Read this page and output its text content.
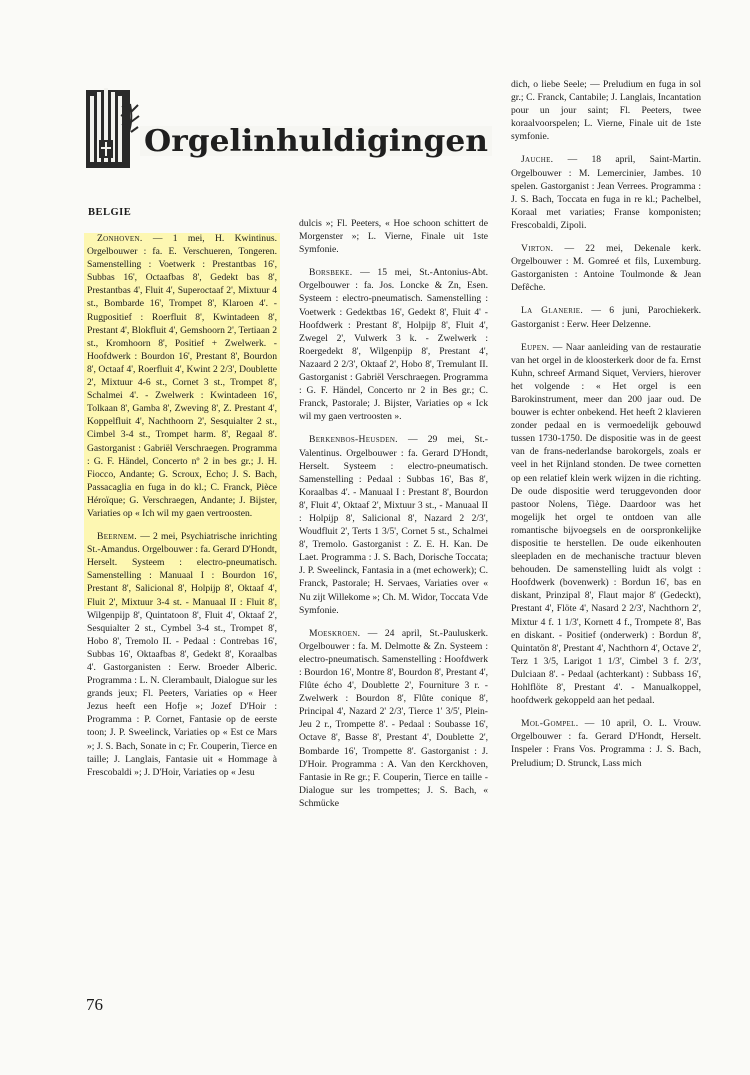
Orgelinhuldigingen
BELGIE

Zonhoven. — 1 mei, H. Kwintinus. Orgelbouwer : fa. E. Verschueren, Tongeren. Samenstelling : Voetwerk : Prestantbas 16', Subbas 16', Octaafbas 8', Gedekt bas 8', Prestantbas 4', Fluit 4', Superoctaaf 2', Mixtuur 4 st., Bombarde 16', Trompet 8', Klaroen 4'. - Rugpositief : Roerfluit 8', Kwintadeen 8', Prestant 4', Blokfluit 4', Gemshoorn 2', Tertiaan 2 st., Kromhoorn 8', Positief + Zwelwerk. - Hoofdwerk : Bourdon 16', Prestant 8', Bourdon 8', Octaaf 4', Roerfluit 4', Kwint 2 2/3', Doublette 2', Mixtuur 4-6 st., Cornet 3 st., Trompet 8', Schalmei 4'. - Zwelwerk : Kwintadeen 16', Tolkaan 8', Gamba 8', Zweving 8', Z. Prestant 4', Koppelfluit 4', Nachthoorn 2', Sesquialter 2 st., Cimbel 3-4 st., Trompet harm. 8', Regaal 8'. Gastorganist : Gabriël Verschraegen. Programma : G. F. Händel, Concerto nº 2 in bes gr.; J. H. Fiocco, Andante; G. Scroux, Echo; J. S. Bach, Passacaglia en fuga in do kl.; C. Franck, Pièce Héroïque; G. Verschraegen, Andante; J. Bijster, Variaties op « Ich wil my gaen vertroosten.

Beernem. — 2 mei, Psychiatrische inrichting St.-Amandus. Orgelbouwer : fa. Gerard D'Hondt, Herselt. Systeem : electro-pneumatisch. Samenstelling : Manuaal I : Bourdon 16', Prestant 8', Salicional 8', Holpijp 8', Oktaaf 4', Fluit 2', Mixtuur 3-4 st. - Manuaal II : Fluit 8', Wilgenpijp 8', Quintatoon 8', Fluit 4', Oktaaf 2', Sesquialter 2 st., Cymbel 3-4 st., Trompet 8', Hobo 8', Tremolo II. - Pedaal : Contrebas 16', Subbas 16', Oktaafbas 8', Gedekt 8', Koraalbas 4'. Gastorganisten : Eerw. Broeder Alberic. Programma : L. N. Clerambault, Dialogue sur les grands jeux; Fl. Peeters, Variaties op « Heer Jezus heeft een Hofje »; Jozef D'Hoir : Programma : P. Cornet, Fantasie op de eerste toon; J. P. Sweelinck, Variaties op « Est ce Mars »; J. S. Bach, Sonate in c; Fr. Couperin, Tierce en taille; J. Langlais, Fantasie uit « Hommage à Frescobaldi »; J. D'Hoir, Variaties op « Jesu

dulcis »; Fl. Peeters, « Hoe schoon schittert de Morgenster »; L. Vierne, Finale uit 1ste Symfonie.

Borsbeke. — 15 mei, St.-Antonius-Abt. Orgelbouwer : fa. Jos. Loncke & Zn, Esen. Systeem : electro-pneumatisch. Samenstelling : Voetwerk : Gedektbas 16', Gedekt 8', Fluit 4' - Hoofdwerk : Prestant 8', Holpijp 8', Fluit 4', Zwegel 2', Vulwerk 3 k. - Zwelwerk : Roergedekt 8', Wilgenpijp 8', Prestant 4', Nazaard 2 2/3', Oktaaf 2', Hobo 8', Tremulant II. Gastorganist : Gabriël Verschraegen. Programma : G. F. Händel, Concerto nr 2 in Bes gr.; C. Franck, Pastorale; J. Bijster, Variaties op « Ick wil my gaen vertroosten ».

Berkenbos-Heusden. — 29 mei, St.-Valentinus. Orgelbouwer : fa. Gerard D'Hondt, Herselt. Systeem : electro-pneumatisch. Samenstelling : Pedaal : Subbas 16', Bas 8', Koraalbas 4'. - Manuaal I : Prestant 8', Bourdon 8', Fluit 4', Oktaaf 2', Mixtuur 3 st., - Manuaal II : Holpijp 8', Salicional 8', Nazard 2 2/3', Woudfluit 2', Terts 1 3/5', Cornet 5 st., Schalmei 8', Tremolo. Gastorganist : Z. E. H. Kan. De Laet. Programma : J. S. Bach, Dorische Toccata; J. P. Sweelinck, Fantasia in a (met echowerk); C. Franck, Pastorale; H. Servaes, Variaties over « Nu zijt Willekome »; Ch. M. Widor, Toccata Vde Symfonie.

Moeskroen. — 24 april, St.-Pauluskerk. Orgelbouwer : fa. M. Delmotte & Zn. Systeem : electro-pneumatisch. Samenstelling : Hoofdwerk : Bourdon 16', Montre 8', Bourdon 8', Prestant 4', Flûte écho 4', Doublette 2', Fourniture 3 r. - Zwelwerk : Bourdon 8', Flûte conique 8', Principal 4', Nazard 2' 2/3', Tierce 1' 3/5', Plein-Jeu 2 r., Trompette 8'. - Pedaal : Soubasse 16', Octave 8', Basse 8', Prestant 4', Doublette 2', Bombarde 16', Trompette 8'. Gastorganist : J. D'Hoir. Programma : A. Van den Kerckhoven, Fantasie in Re gr.; F. Couperin, Tierce en taille - Dialogue sur les trompettes; J. S. Bach, « Schmücke

dich, o liebe Seele; — Preludium en fuga in sol gr.; C. Franck, Cantabile; J. Langlais, Incantation pour un jour saint; Fl. Peeters, twee koraalvoorspelen; L. Vierne, Finale uit de 1ste symfonie.

Jauche. — 18 april, Saint-Martin. Orgelbouwer : M. Lemercinier, Jambes. 10 spelen. Gastorganist : Jean Verrees. Programma : J. S. Bach, Toccata en fuga in re kl.; Pachelbel, Koraal met variaties; Franse komponisten; Frescobaldi, Zipoli.

Virton. — 22 mei, Dekenale kerk. Orgelbouwer : M. Gomreé et fils, Luxemburg. Gastorganisten : Antoine Toulmonde & Jean Defêche.

La Glanerie. — 6 juni, Parochiekerk. Gastorganist : Eerw. Heer Delzenne.

Eupen. — Naar aanleiding van de restauratie van het orgel in de kloosterkerk door de fa. Ernst Kuhn, schreef Armand Siquet, Verviers, hierover het volgende : « Het orgel is een Barokinstrument, meer dan 200 jaar oud. De bouwer is echter onbekend. Het heeft 2 klavieren zonder pedaal en is vermoedelijk gebouwd tussen 1730-1750. De dispositie was in de geest van de frans-nederlandse barokorgels, zoals er veel in het Rijnland stonden. De twee cornetten op een relatief klein werk wijzen in die richting. De oude dispositie werd teruggevonden door pastoor Nolens, Tiège. Daardoor was het mogelijk het orgel te ontdoen van alle romantische bijvoegsels en de oorspronkelijke dispositie te herstellen. De oude eikenhouten sleepladen en de mechanische tractuur bleven behouden. De samenstelling luidt als volgt : Hoofdwerk (bovenwerk) : Bordun 16', bas en diskant, Prinzipal 8', Flaut major 8' (Gedeckt), Prestant 4', Flöte 4', Nasard 2 2/3', Nachthorn 2', Mixtur 4 f. 1 1/3', Kornett 4 f., Trompete 8', Bas en diskant. - Positief (onderwerk) : Bordun 8', Quintatön 8', Prestant 4', Nachthorn 4', Octave 2', Terz 1 3/5, Larigot 1 1/3', Cimbel 3 f. 2/3', Dulciaan 8'. - Pedaal (achterkant) : Subbass 16', Hohlflöte 8', Prestant 4'. - Manualkoppel, hoofdwerk gekoppeld aan het pedaal.

Mol-Gompel. — 10 april, O. L. Vrouw. Orgelbouwer : fa. Gerard D'Hondt, Herselt. Inspeler : Frans Vos. Programma : J. S. Bach, Preludium; D. Strunck, Lass mich

76
